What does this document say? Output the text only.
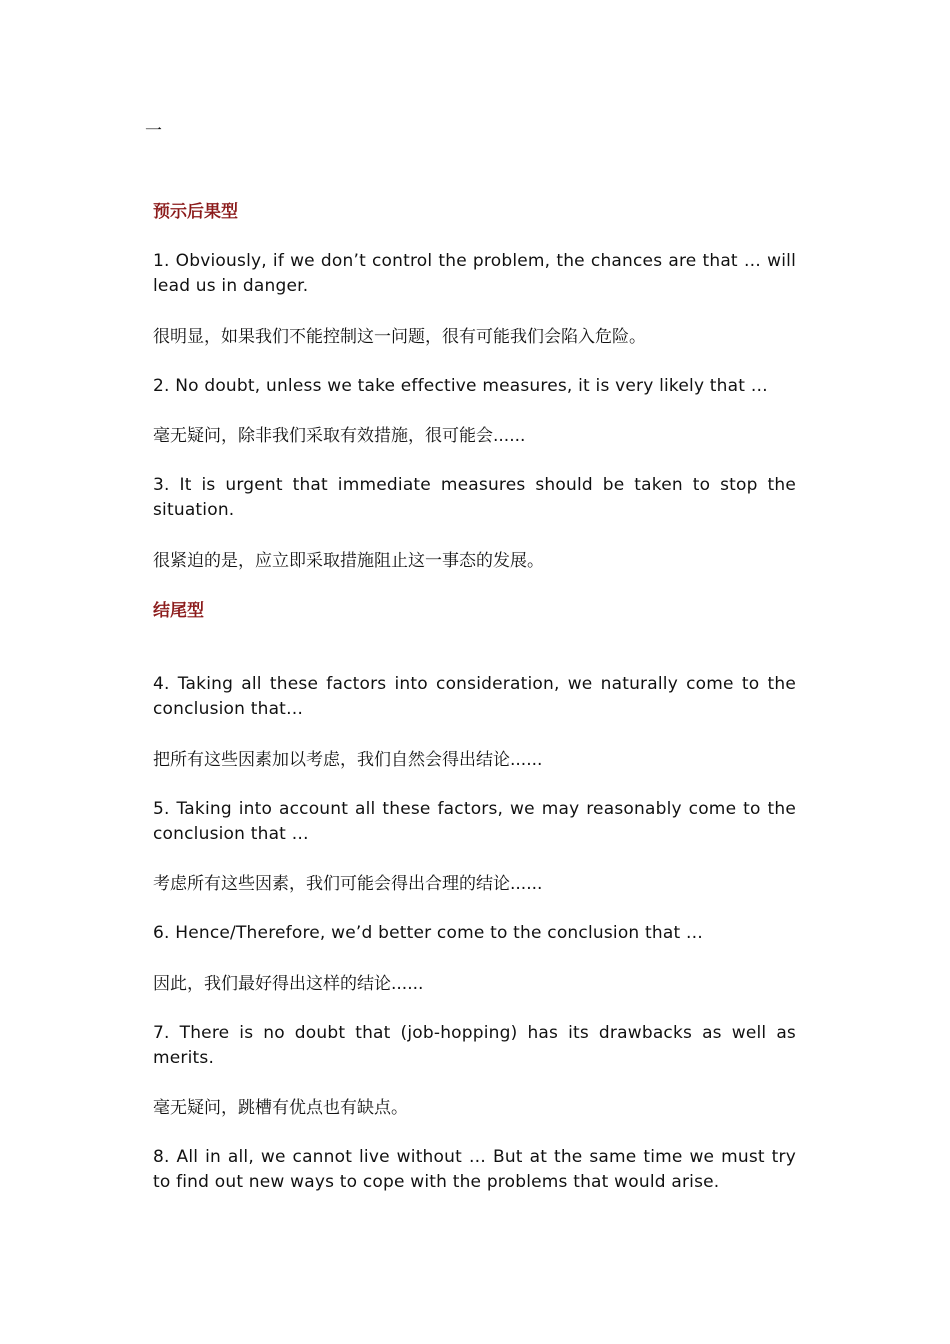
一
预示后果型
1. Obviously, if we don’t control the problem, the chances are that … will lead us in danger.
很明显，如果我们不能控制这一问题，很有可能我们会陷入危险。
2. No doubt, unless we take effective measures, it is very likely that …
毫无疑问，除非我们采取有效措施，很可能会......
3. It is urgent that immediate measures should be taken to stop the situation.
很紧迫的是，应立即采取措施阻止这一事态的发展。
结尾型
4. Taking all these factors into consideration, we naturally come to the conclusion that…
把所有这些因素加以考虑，我们自然会得出结论......
5. Taking into account all these factors, we may reasonably come to the conclusion that …
考虑所有这些因素，我们可能会得出合理的结论......
6. Hence/Therefore, we’d better come to the conclusion that …
因此，我们最好得出这样的结论......
7. There is no doubt that (job-hopping) has its drawbacks as well as merits.
毫无疑问，跳槽有优点也有缺点。
8. All in all, we cannot live without … But at the same time we must try to find out new ways to cope with the problems that would arise.
